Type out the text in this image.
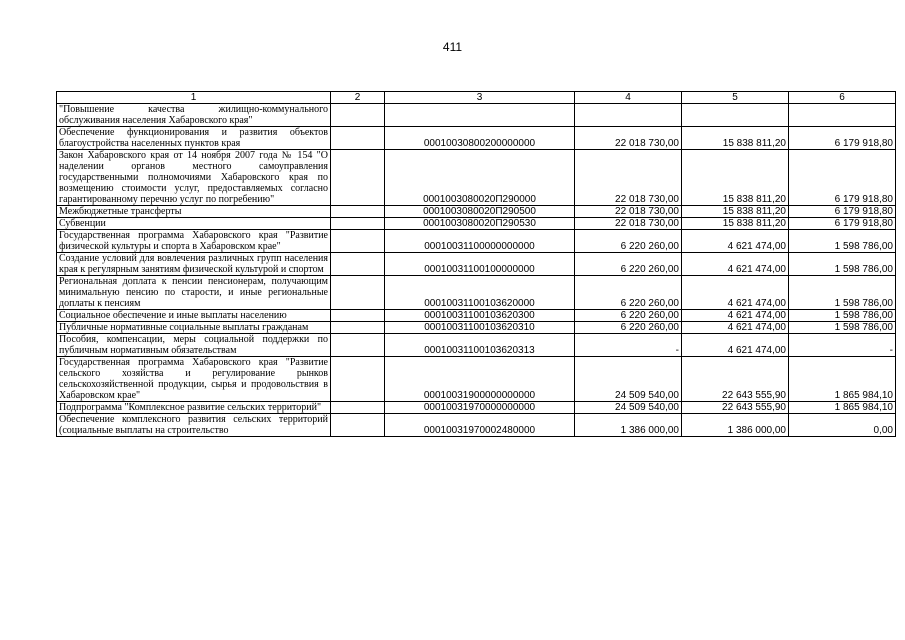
411
1	2	3	4	5	6
"Повышение качества жилищно-коммунального обслуживания населения Хабаровского края"					
Обеспечение функционирования и развития объектов благоустройства населенных пунктов края		00010030800200000000	22 018 730,00	15 838 811,20	6 179 918,80
Закон Хабаровского края от 14 ноября 2007 года № 154 "О наделении органов местного самоуправления государственными полномочиями Хабаровского края по возмещению стоимости услуг, предоставляемых согласно гарантированному перечню услуг по погребению"		0001003080020П290000	22 018 730,00	15 838 811,20	6 179 918,80
Межбюджетные трансферты		0001003080020П290500	22 018 730,00	15 838 811,20	6 179 918,80
Субвенции		0001003080020П290530	22 018 730,00	15 838 811,20	6 179 918,80
Государственная программа Хабаровского края "Развитие физической культуры и спорта в Хабаровском крае"		00010031100000000000	6 220 260,00	4 621 474,00	1 598 786,00
Создание условий для вовлечения различных групп населения края к регулярным занятиям физической культурой и спортом		00010031100100000000	6 220 260,00	4 621 474,00	1 598 786,00
Региональная доплата к пенсии пенсионерам, получающим минимальную пенсию по старости, и иные региональные доплаты к пенсиям		00010031100103620000	6 220 260,00	4 621 474,00	1 598 786,00
Социальное обеспечение и иные выплаты населению		00010031100103620300	6 220 260,00	4 621 474,00	1 598 786,00
Публичные нормативные социальные выплаты гражданам		00010031100103620310	6 220 260,00	4 621 474,00	1 598 786,00
Пособия, компенсации, меры социальной поддержки по публичным нормативным обязательствам		00010031100103620313	-	4 621 474,00	-
Государственная программа Хабаровского края "Развитие сельского хозяйства и регулирование рынков сельскохозяйственной продукции, сырья и продовольствия в Хабаровском крае"		00010031900000000000	24 509 540,00	22 643 555,90	1 865 984,10
Подпрограмма "Комплексное развитие сельских территорий"		00010031970000000000	24 509 540,00	22 643 555,90	1 865 984,10
Обеспечение комплексного развития сельских территорий (социальные выплаты на строительство		00010031970002480000	1 386 000,00	1 386 000,00	0,00
